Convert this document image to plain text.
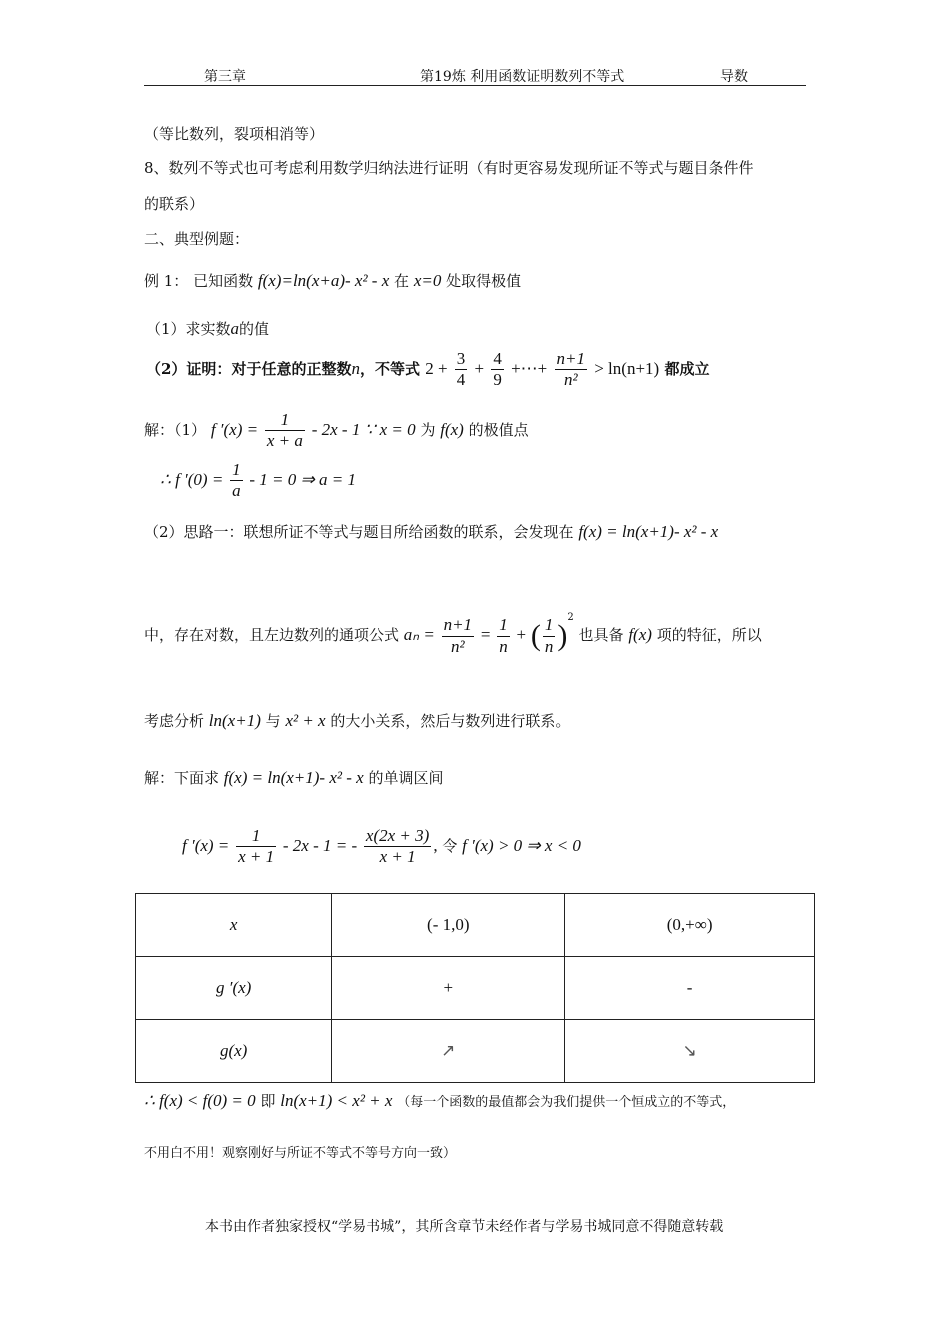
第三章	第19炼 利用函数证明数列不等式	导数
（等比数列，裂项相消等）
8、数列不等式也可考虑利用数学归纳法进行证明（有时更容易发现所证不等式与题目条件件
的联系）
二、典型例题：
例 1： 已知函数 f(x)=ln(x+a)- x² - x 在 x=0 处取得极值
（1）求实数a的值
（2）证明：对于任意的正整数n，不等式 $2 + \frac{3}{4} + \frac{4}{9}$ +⋯+ $\frac{n+1}{\text{n²}} > \ln(n+1)$ 都成立
解：（1） f $'(x) = \frac{1}{x + a} - 2x - 1$ ∵ x = 0 为 f(x) 的极值点
∴ f $'(0) = \frac{1}{a} - 1 = 0$ ⇒ a = 1
（2）思路一：联想所证不等式与题目所给函数的联系，会发现在 f(x) = ln(x+1)- x² - x
中，存在对数，且左边数列的通项公式 $a_n = \frac{n+1}{\text{n²}} = \frac{1}{n}$ + ( $\frac{1}{n} )^2$ 也具备 f(x) 项的特征，所以
考虑分析 ln(x+1) 与 x² + x 的大小关系，然后与数列进行联系。
解：下面求 f(x) = ln(x+1)- x² - x 的单调区间
f $'(x) = \frac{1}{x + 1} - 2x - 1$ = - $\frac{x(2x + 3)}{x + 1}$ , 令 f ′(x) > 0 ⇒ x < 0
x	(- 1,0)	(0,+∞)
g ′(x)	+	-
g(x)	↗	↘
∴ f(x) < f(0) = 0 即 ln(x+1) < x² + x （每一个函数的最值都会为我们提供一个恒成立的不等式，
不用白不用！观察刚好与所证不等式不等号方向一致）
本书由作者独家授权“学易书城”，其所含章节未经作者与学易书城同意不得随意转载
